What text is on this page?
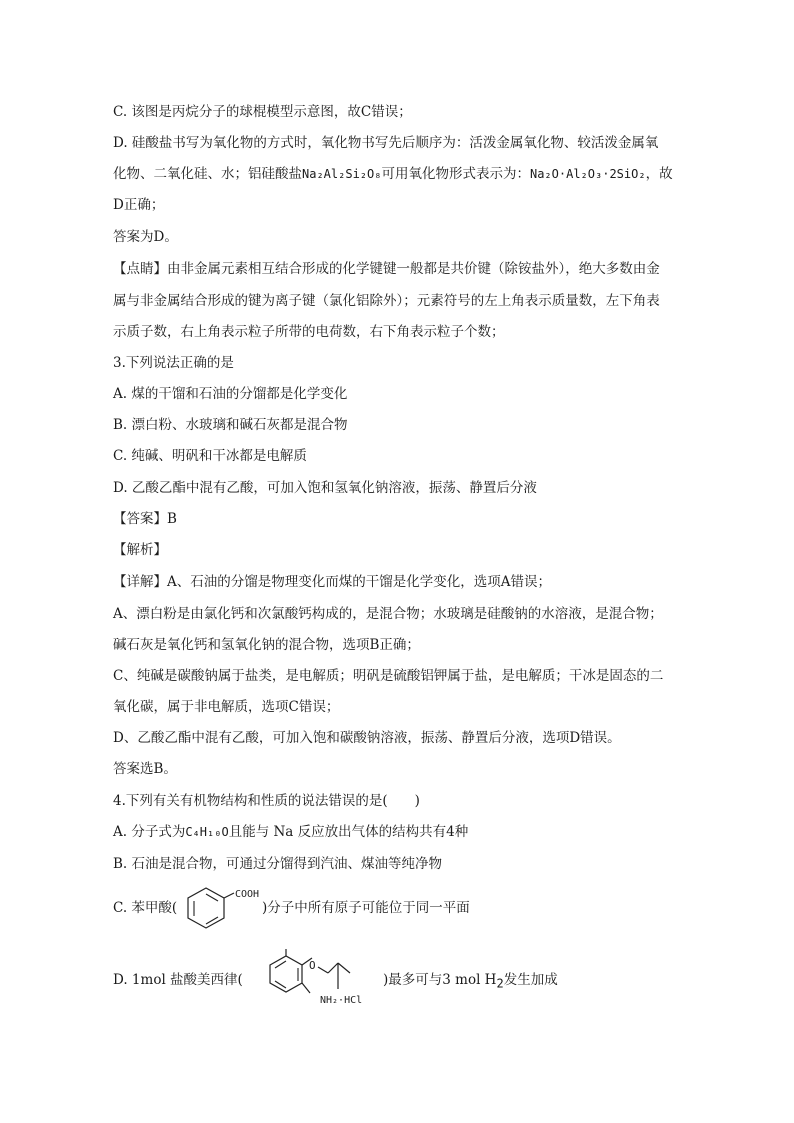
C. 该图是丙烷分子的球棍模型示意图，故C错误；
D. 硅酸盐书写为氧化物的方式时，氧化物书写先后顺序为：活泼金属氧化物、较活泼金属氧
化物、二氧化硅、水；铝硅酸盐Na₂Al₂Si₂O₈可用氧化物形式表示为：Na₂O·Al₂O₃·2SiO₂，故
D正确；
答案为D。
【点睛】由非金属元素相互结合形成的化学键键一般都是共价键（除铵盐外），绝大多数由金
属与非金属结合形成的键为离子键（氯化铝除外）；元素符号的左上角表示质量数，左下角表
示质子数，右上角表示粒子所带的电荷数，右下角表示粒子个数；
3.下列说法正确的是
A. 煤的干馏和石油的分馏都是化学变化
B. 漂白粉、水玻璃和碱石灰都是混合物
C. 纯碱、明矾和干冰都是电解质
D. 乙酸乙酯中混有乙酸，可加入饱和氢氧化钠溶液，振荡、静置后分液
【答案】B
【解析】
【详解】A、石油的分馏是物理变化而煤的干馏是化学变化，选项A错误；
A、漂白粉是由氯化钙和次氯酸钙构成的，是混合物；水玻璃是硅酸钠的水溶液，是混合物；
碱石灰是氧化钙和氢氧化钠的混合物，选项B正确；
C、纯碱是碳酸钠属于盐类，是电解质；明矾是硫酸铝钾属于盐，是电解质；干冰是固态的二
氧化碳，属于非电解质，选项C错误；
D、乙酸乙酯中混有乙酸，可加入饱和碳酸钠溶液，振荡、静置后分液，选项D错误。
答案选B。
4.下列有关有机物结构和性质的说法错误的是(　　)
A. 分子式为C₄H₁₀O且能与 Na 反应放出气体的结构共有4种
B. 石油是混合物，可通过分馏得到汽油、煤油等纯净物
C. 苯甲酸(
COOH
)分子中所有原子可能位于同一平面
D. 1mol 盐酸美西律(
O
NH₂·HCl
)最多可与3 mol $H_2$发生加成
